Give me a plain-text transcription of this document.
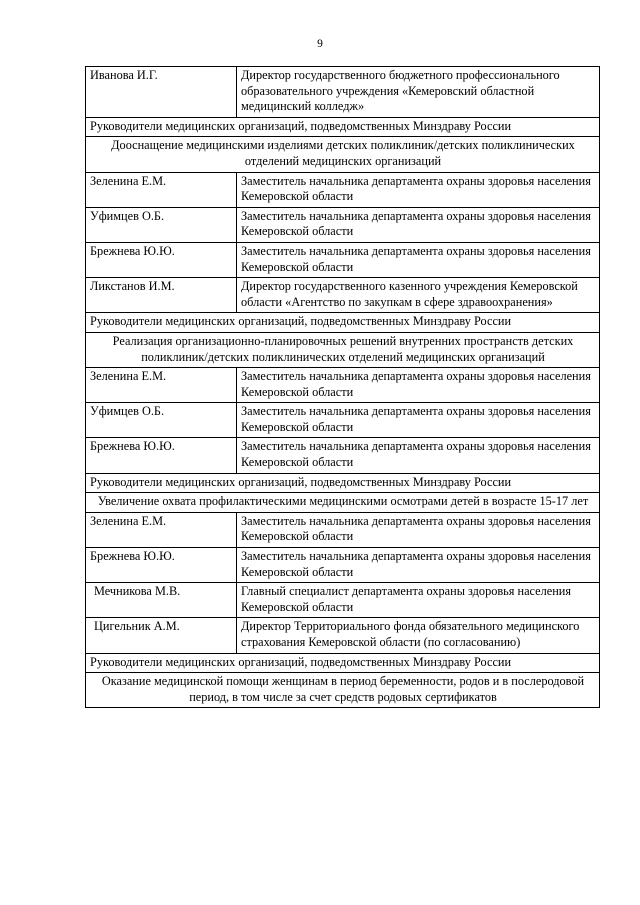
9
Иванова И.Г.	Директор государственного бюджетного профессионального образовательного учреждения «Кемеровский областной медицинский колледж»
Руководители медицинских организаций, подведомственных Минздраву России	
Дооснащение медицинскими изделиями детских поликлиник/детских поликлинических отделений медицинских организаций	
Зеленина Е.М.	Заместитель начальника департамента охраны здоровья населения Кемеровской области
Уфимцев О.Б.	Заместитель начальника департамента охраны здоровья населения Кемеровской области
Брежнева Ю.Ю.	Заместитель начальника департамента охраны здоровья населения Кемеровской области
Ликстанов И.М.	Директор государственного казенного учреждения Кемеровской области «Агентство по закупкам в сфере здравоохранения»
Руководители медицинских организаций, подведомственных Минздраву России	
Реализация организационно-планировочных решений внутренних пространств детских поликлиник/детских поликлинических отделений медицинских организаций	
Зеленина Е.М.	Заместитель начальника департамента охраны здоровья населения Кемеровской области
Уфимцев О.Б.	Заместитель начальника департамента охраны здоровья населения Кемеровской области
Брежнева Ю.Ю.	Заместитель начальника департамента охраны здоровья населения Кемеровской области
Руководители медицинских организаций, подведомственных Минздраву России	
Увеличение охвата профилактическими медицинскими осмотрами детей в возрасте 15-17 лет	
Зеленина Е.М.	Заместитель начальника департамента охраны здоровья населения Кемеровской области
Брежнева Ю.Ю.	Заместитель начальника департамента охраны здоровья населения Кемеровской области
Мечникова М.В.	Главный специалист департамента охраны здоровья населения Кемеровской области
Цигельник А.М.	Директор Территориального фонда обязательного медицинского страхования Кемеровской области (по согласованию)
Руководители медицинских организаций, подведомственных Минздраву России	
Оказание медицинской помощи женщинам в период беременности, родов и в послеродовой период, в том числе за счет средств родовых сертификатов	
